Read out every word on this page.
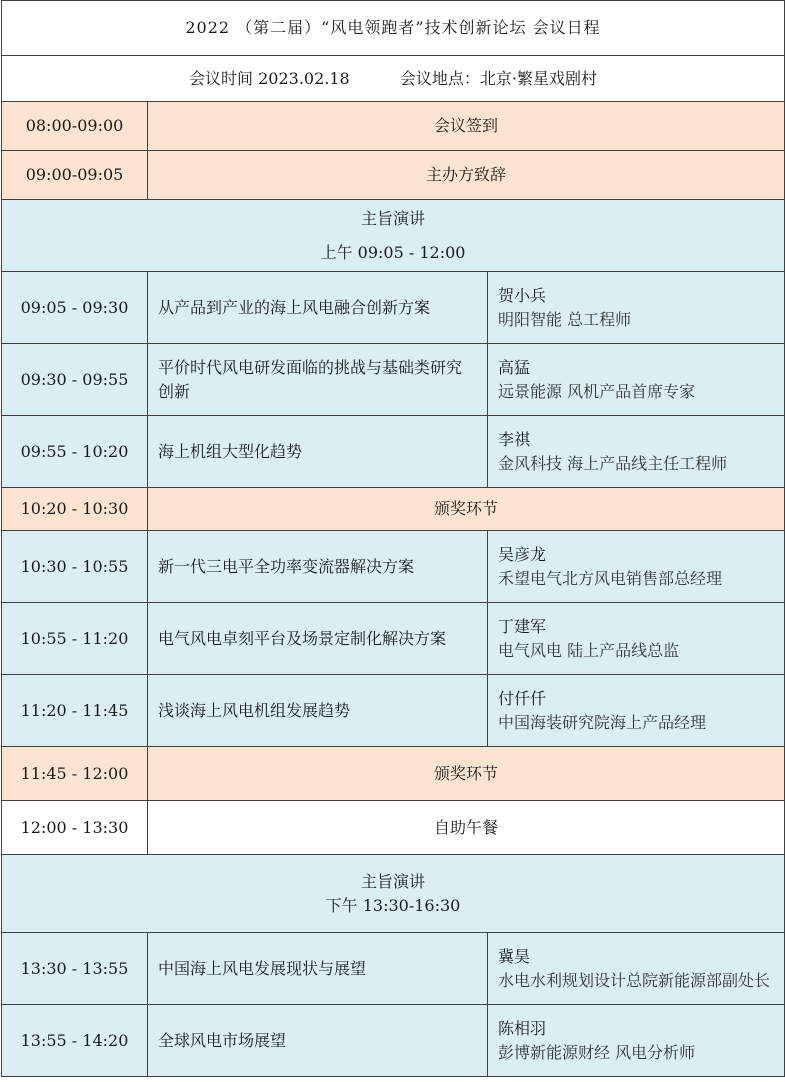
2022 （第二届）“风电领跑者”技术创新论坛 会议日程		
会议时间 2023.02.18 会议地点：北京·繁星戏剧村		
08:00-09:00	会议签到	
09:00-09:05	主办方致辞	

主旨演讲
上午 09:05 - 12:00		

09:05 - 09:30	从产品到产业的海上风电融合创新方案	贺小兵
明阳智能 总工程师

09:30 - 09:55	平价时代风电研发面临的挑战与基础类研究创新	高猛
远景能源 风机产品首席专家

09:55 - 10:20	海上机组大型化趋势	李祺
金风科技 海上产品线主任工程师

10:20 - 10:30	颁奖环节	
10:30 - 10:55	新一代三电平全功率变流器解决方案	吴彦龙
禾望电气北方风电销售部总经理

10:55 - 11:20	电气风电卓刻平台及场景定制化解决方案	丁建军
电气风电 陆上产品线总监

11:20 - 11:45	浅谈海上风电机组发展趋势	付仟仟
中国海装研究院海上产品经理

11:45 - 12:00	颁奖环节	
12:00 - 13:30	自助午餐	

主旨演讲
下午 13:30-16:30		

13:30 - 13:55	中国海上风电发展现状与展望	冀昊
水电水利规划设计总院新能源部副处长

13:55 - 14:20	全球风电市场展望	陈相羽
彭博新能源财经 风电分析师
